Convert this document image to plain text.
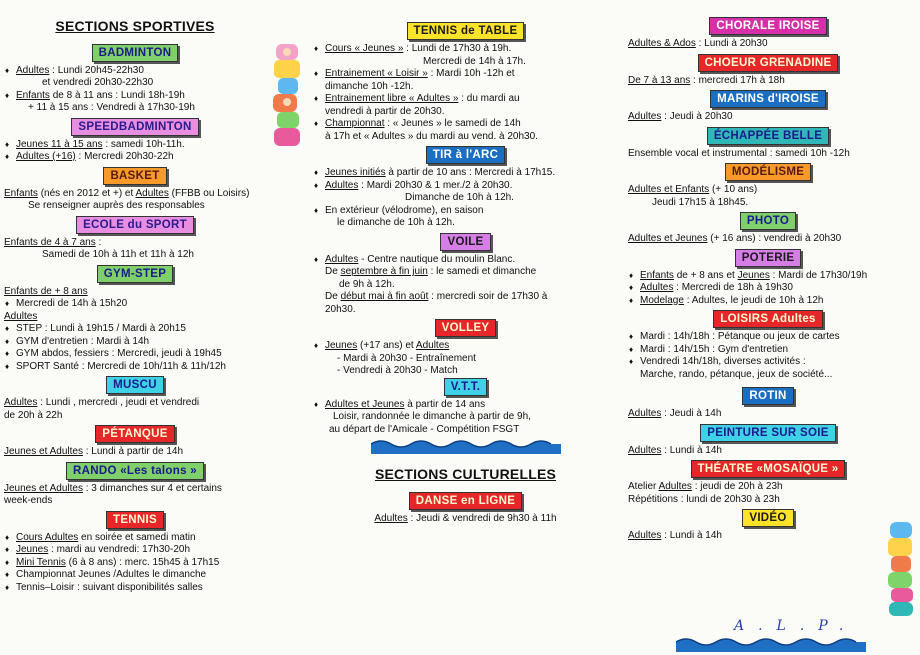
SECTIONS SPORTIVES
BADMINTON
♦ Adultes : Lundi 20h45-22h30
et vendredi 20h30-22h30
♦ Enfants de 8 à 11 ans : Lundi 18h-19h
+ 11 à 15 ans : Vendredi à 17h30-19h
SPEEDBADMINTON
♦ Jeunes 11 à 15 ans : samedi 10h-11h.
♦ Adultes (+16) : Mercredi 20h30-22h
BASKET
Enfants (nés en 2012 et +) et Adultes (FFBB ou Loisirs)
Se renseigner auprès des responsables
ECOLE du SPORT
Enfants de 4 à 7 ans :
Samedi de 10h à 11h et 11h à 12h
GYM-STEP
Enfants de + 8 ans
♦ Mercredi de 14h à 15h20
Adultes
♦ STEP : Lundi à 19h15 / Mardi à 20h15
♦ GYM d'entretien : Mardi à 14h
♦ GYM abdos, fessiers : Mercredi, jeudi à 19h45
♦ SPORT Santé : Mercredi de 10h/11h & 11h/12h
MUSCU
Adultes : Lundi , mercredi , jeudi et vendredi
de 20h à 22h
PÉTANQUE
Jeunes et Adultes : Lundi à partir de 14h
RANDO «Les talons »
Jeunes et Adultes : 3 dimanches sur 4 et certains
week-ends
TENNIS
♦ Cours Adultes en soirée et samedi matin
♦ Jeunes : mardi au vendredi: 17h30-20h
♦ Mini Tennis (6 à 8 ans) : merc. 15h45 à 17h15
♦ Championnat Jeunes /Adultes le dimanche
♦ Tennis–Loisir : suivant disponibilités salles
TENNIS de TABLE
♦ Cours « Jeunes » : Lundi de 17h30 à 19h.
Mercredi de 14h à 17h.
♦ Entrainement « Loisir » : Mardi 10h -12h et
dimanche 10h -12h.
♦ Entrainement libre « Adultes » : du mardi au
vendredi à partir de 20h30.
♦ Championnat : « Jeunes » le samedi de 14h
à 17h et « Adultes » du mardi au vend. à 20h30.
TIR à l'ARC
♦ Jeunes initiés à partir de 10 ans : Mercredi à 17h15.
♦ Adultes : Mardi 20h30 & 1 mer./2 à 20h30.
Dimanche de 10h à 12h.
♦ En extérieur (vélodrome), en saison
le dimanche de 10h à 12h.
VOILE
♦ Adultes - Centre nautique du moulin Blanc.
De septembre à fin juin : le samedi et dimanche
de 9h à 12h.
De début mai à fin août : mercredi soir de 17h30 à
20h30.
VOLLEY
♦ Jeunes (+17 ans) et Adultes
- Mardi à 20h30 - Entraînement
- Vendredi à 20h30 - Match
V.T.T.
♦ Adultes et Jeunes à partir de 14 ans
Loisir, randonnée le dimanche à partir de 9h,
au départ de l'Amicale - Compétition FSGT
SECTIONS CULTURELLES
DANSE en LIGNE
Adultes : Jeudi & vendredi de 9h30 à 11h
CHORALE IROISE
Adultes & Ados : Lundi à 20h30
CHOEUR GRENADINE
De 7 à 13 ans : mercredi 17h à 18h
MARINS d'IROISE
Adultes : Jeudi à 20h30
ÉCHAPPÉE BELLE
Ensemble vocal et instrumental : samedi 10h -12h
MODÉLISME
Adultes et Enfants (+ 10 ans)
Jeudi 17h15 à 18h45.
PHOTO
Adultes et Jeunes (+ 16 ans) : vendredi à 20h30
POTERIE
♦ Enfants de + 8 ans et Jeunes : Mardi de 17h30/19h
♦ Adultes : Mercredi de 18h à 19h30
♦ Modelage : Adultes, le jeudi de 10h à 12h
LOISIRS Adultes
♦ Mardi : 14h/18h : Pétanque ou jeux de cartes
♦ Mardi : 14h/15h : Gym d'entretien
♦ Vendredi 14h/18h, diverses activités :
Marche, rando, pétanque, jeux de société...
ROTIN
Adultes : Jeudi à 14h
PEINTURE SUR SOIE
Adultes : Lundi à 14h
THÉATRE «MOSAÏQUE »
Atelier Adultes : jeudi de 20h à 23h
Répétitions : lundi de 20h30 à 23h
VIDÉO
Adultes : Lundi à 14h
A.L.P.
